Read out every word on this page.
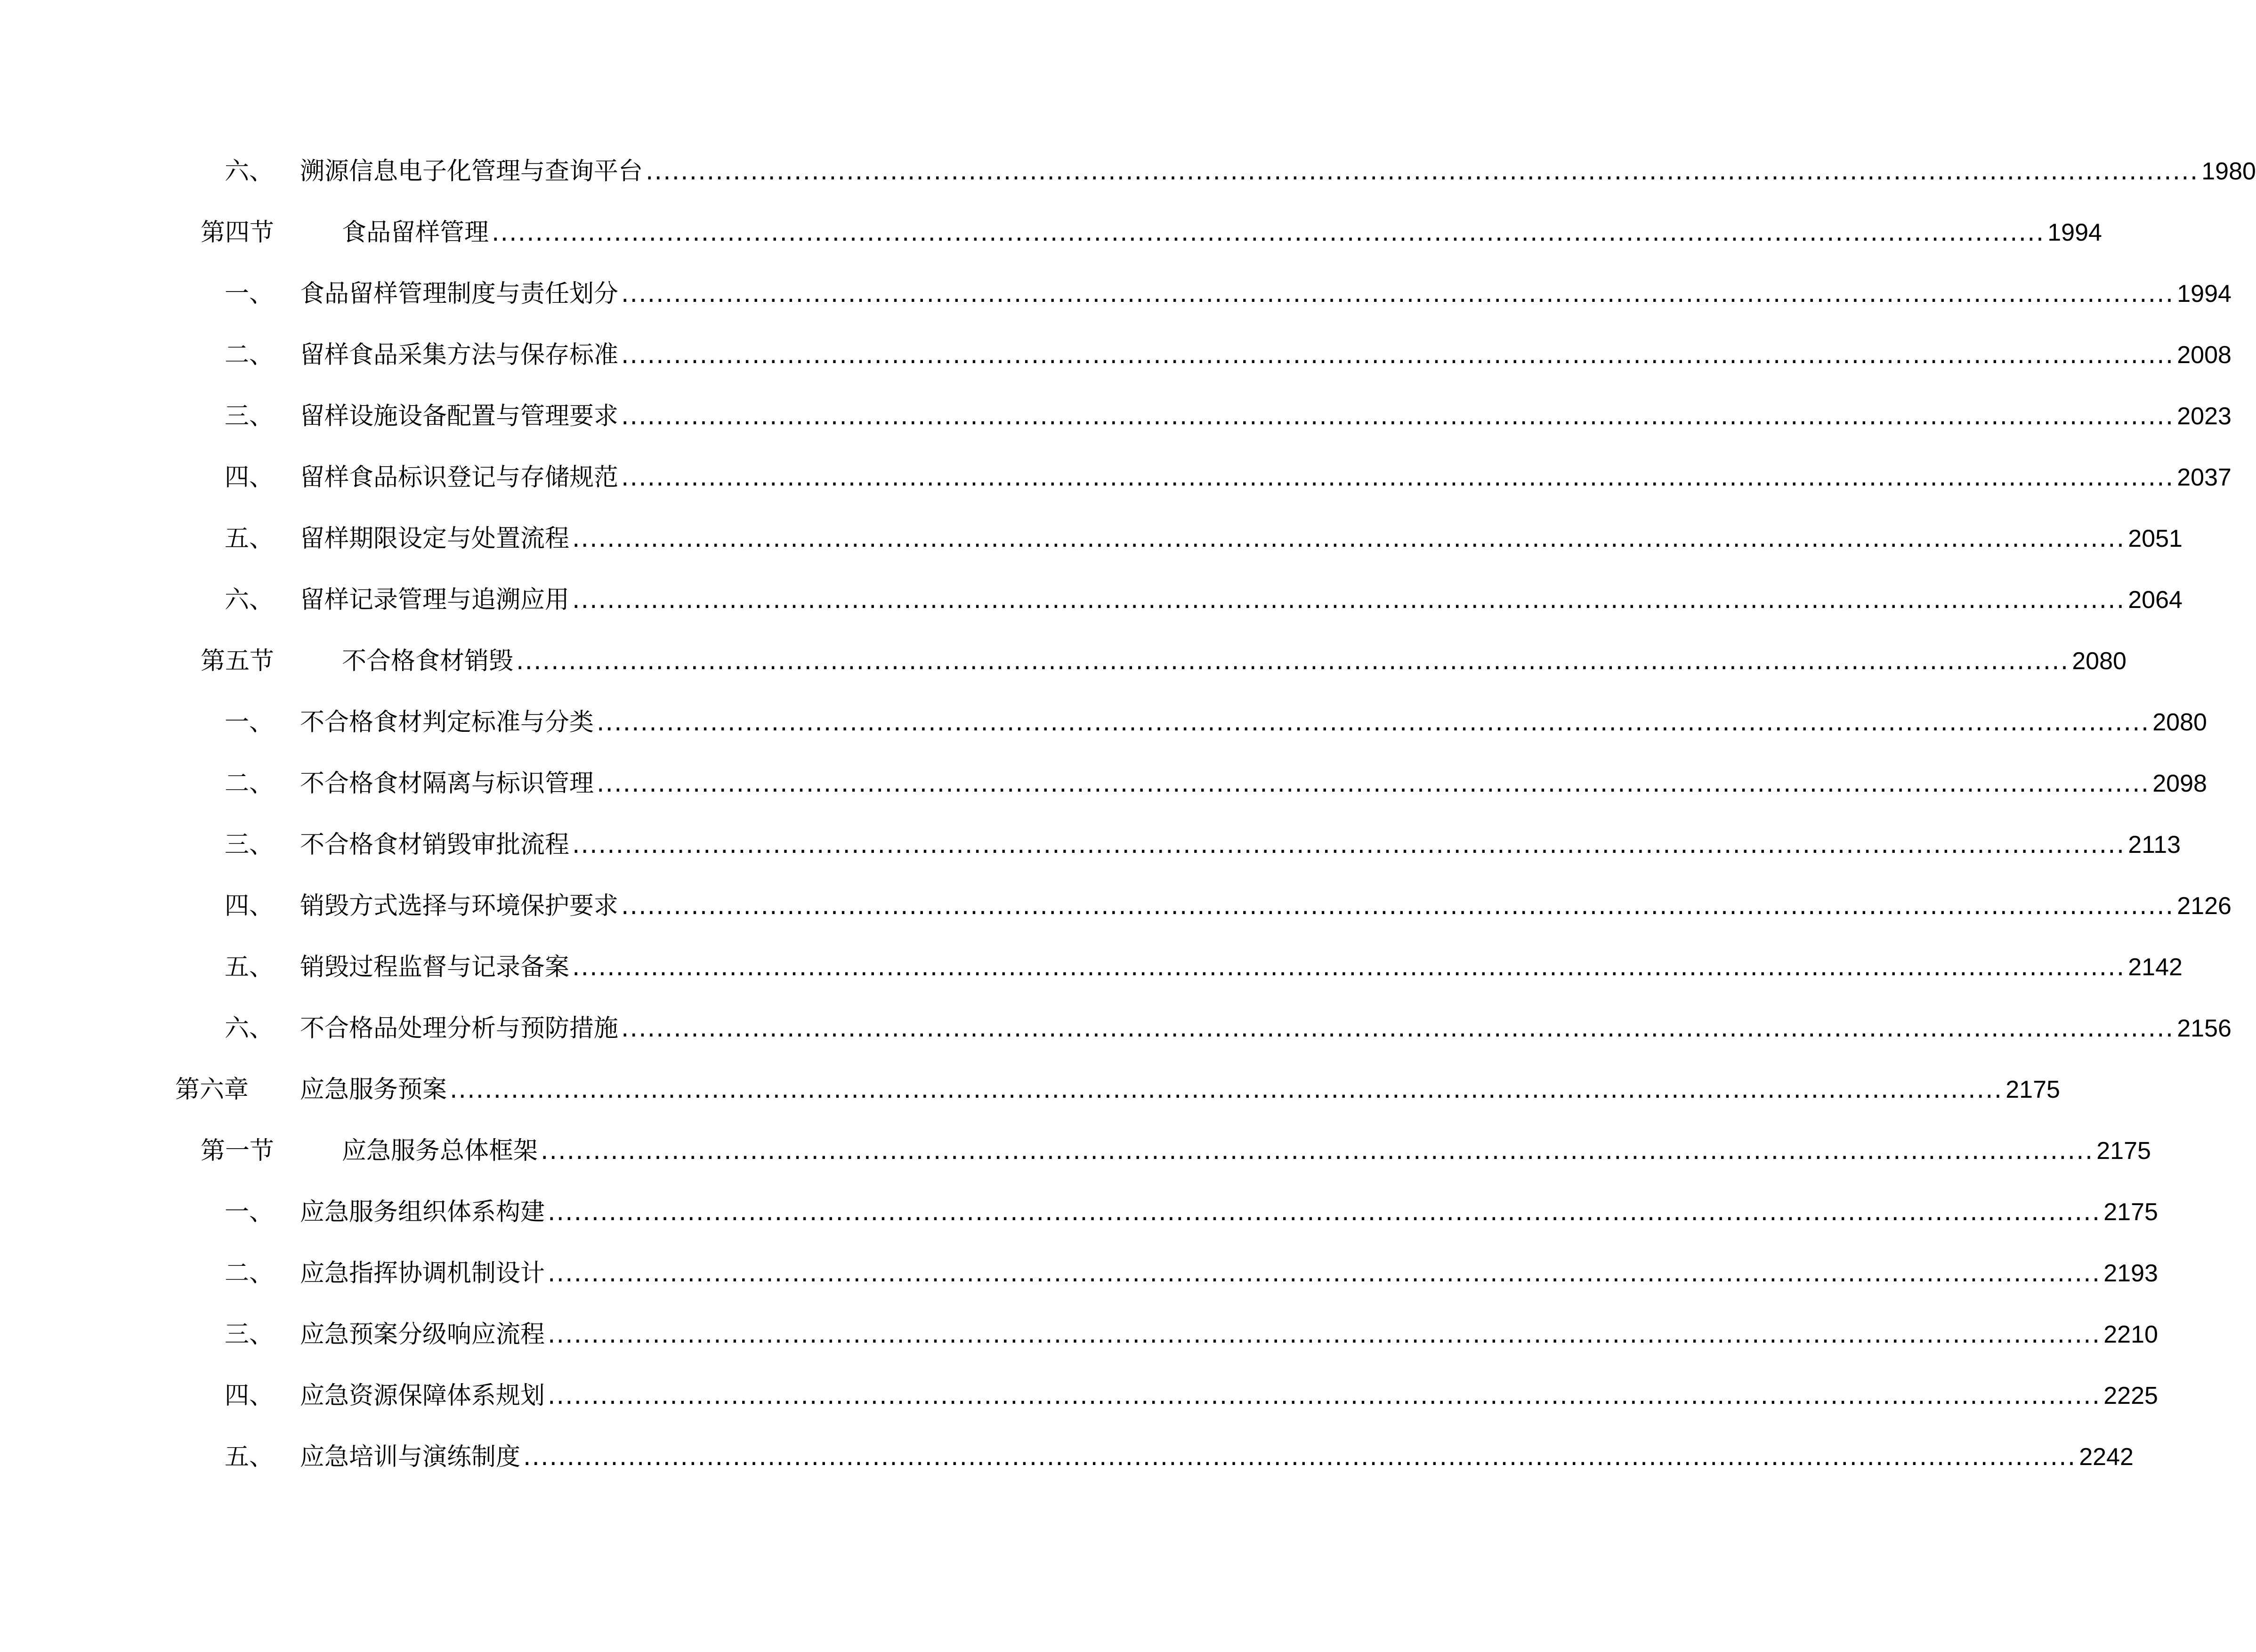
六、 溯源信息电子化管理与查询平台 .................................................................................................................................................................................. 1980
第四节	食品留样管理 .................................................................................................................................................................................. 1994
一、 食品留样管理制度与责任划分 .................................................................................................................................................................................. 1994
二、 留样食品采集方法与保存标准 .................................................................................................................................................................................. 2008
三、 留样设施设备配置与管理要求 .................................................................................................................................................................................. 2023
四、 留样食品标识登记与存储规范 .................................................................................................................................................................................. 2037
五、 留样期限设定与处置流程 .................................................................................................................................................................................. 2051
六、 留样记录管理与追溯应用 .................................................................................................................................................................................. 2064
第五节	不合格食材销毁 .................................................................................................................................................................................. 2080
一、 不合格食材判定标准与分类 .................................................................................................................................................................................. 2080
二、 不合格食材隔离与标识管理 .................................................................................................................................................................................. 2098
三、 不合格食材销毁审批流程 .................................................................................................................................................................................. 2113
四、 销毁方式选择与环境保护要求 .................................................................................................................................................................................. 2126
五、 销毁过程监督与记录备案 .................................................................................................................................................................................. 2142
六、 不合格品处理分析与预防措施 .................................................................................................................................................................................. 2156
第六章 应急服务预案 .................................................................................................................................................................................. 2175
第一节	应急服务总体框架 .................................................................................................................................................................................. 2175
一、 应急服务组织体系构建 .................................................................................................................................................................................. 2175
二、 应急指挥协调机制设计 .................................................................................................................................................................................. 2193
三、 应急预案分级响应流程 .................................................................................................................................................................................. 2210
四、 应急资源保障体系规划 .................................................................................................................................................................................. 2225
五、 应急培训与演练制度 .................................................................................................................................................................................. 2242
